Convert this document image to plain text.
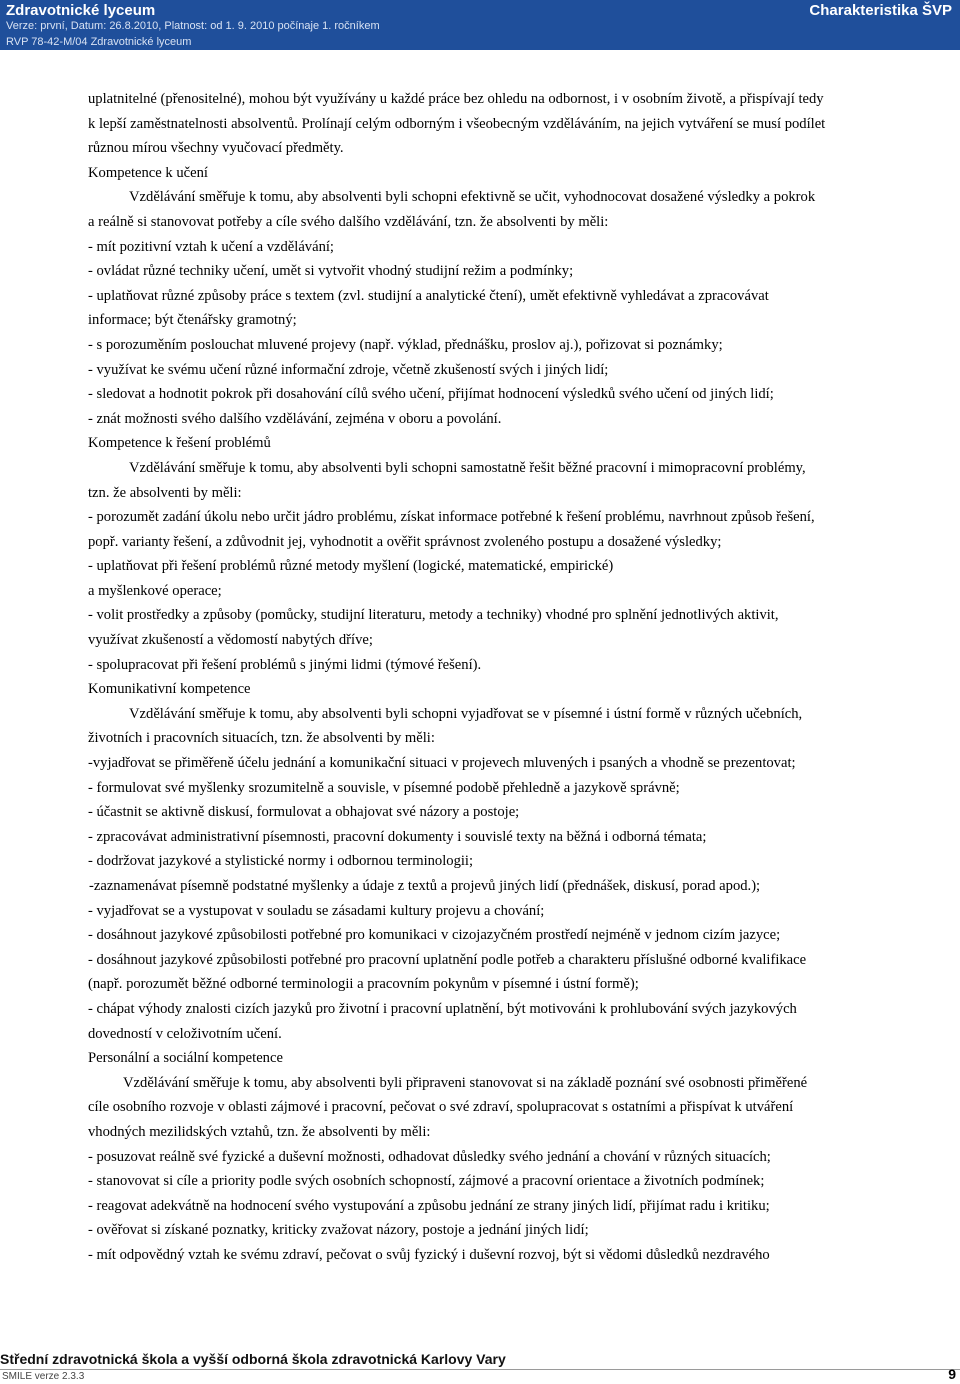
Zdravotnické lyceum
Verze: první, Datum: 26.8.2010, Platnost: od 1. 9. 2010 počínaje 1. ročníkem
RVP 78-42-M/04 Zdravotnické lyceum
Charakteristika ŠVP
uplatnitelné (přenositelné), mohou být využívány u každé práce bez ohledu na odbornost, i v osobním životě, a přispívají tedy
k lepší zaměstnatelnosti absolventů. Prolínají celým odborným i všeobecným vzděláváním, na jejich vytváření se musí podílet
různou mírou všechny vyučovací předměty.
Kompetence k učení
Vzdělávání směřuje k tomu, aby absolventi byli schopni efektivně se učit, vyhodnocovat dosažené výsledky a pokrok
a reálně si stanovovat potřeby a cíle svého dalšího vzdělávání, tzn. že absolventi by měli:
- mít pozitivní vztah k učení a vzdělávání;
- ovládat různé techniky učení, umět si vytvořit vhodný studijní režim a podmínky;
- uplatňovat různé způsoby práce s textem (zvl. studijní a analytické čtení), umět efektivně vyhledávat a zpracovávat
informace; být čtenářsky gramotný;
- s porozuměním poslouchat mluvené projevy (např. výklad, přednášku, proslov aj.), pořizovat si poznámky;
- využívat ke svému učení různé informační zdroje, včetně zkušeností svých i jiných lidí;
- sledovat a hodnotit pokrok při dosahování cílů svého učení, přijímat hodnocení výsledků svého učení od jiných lidí;
- znát možnosti svého dalšího vzdělávání, zejména v oboru a povolání.
Kompetence k řešení problémů
Vzdělávání směřuje k tomu, aby absolventi byli schopni samostatně řešit běžné pracovní i mimopracovní problémy,
tzn. že absolventi by měli:
- porozumět zadání úkolu nebo určit jádro problému, získat informace potřebné k řešení problému, navrhnout způsob řešení,
popř. varianty řešení, a zdůvodnit jej, vyhodnotit a ověřit správnost zvoleného postupu a dosažené výsledky;
- uplatňovat při řešení problémů různé metody myšlení (logické, matematické, empirické)
a myšlenkové operace;
- volit prostředky a způsoby (pomůcky, studijní literaturu, metody a techniky) vhodné pro splnění jednotlivých aktivit,
využívat zkušeností a vědomostí nabytých dříve;
- spolupracovat při řešení problémů s jinými lidmi (týmové řešení).
Komunikativní kompetence
Vzdělávání směřuje k tomu, aby absolventi byli schopni vyjadřovat se v písemné i ústní formě v různých učebních,
životních i pracovních situacích, tzn. že absolventi by měli:
-vyjadřovat se přiměřeně účelu jednání a komunikační situaci v projevech mluvených i psaných a vhodně se prezentovat;
- formulovat své myšlenky srozumitelně a souvisle, v písemné podobě přehledně a jazykově správně;
- účastnit se aktivně diskusí, formulovat a obhajovat své názory a postoje;
- zpracovávat administrativní písemnosti, pracovní dokumenty i souvislé texty na běžná i odborná témata;
- dodržovat jazykové a stylistické normy i odbornou terminologii;
-zaznamenávat písemně podstatné myšlenky a údaje z textů a projevů jiných lidí (přednášek, diskusí, porad apod.);
- vyjadřovat se a vystupovat v souladu se zásadami kultury projevu a chování;
- dosáhnout jazykové způsobilosti potřebné pro komunikaci v cizojazyčném prostředí nejméně v jednom cizím jazyce;
- dosáhnout jazykové způsobilosti potřebné pro pracovní uplatnění podle potřeb a charakteru příslušné odborné kvalifikace
(např. porozumět běžné odborné terminologii a pracovním pokynům v písemné i ústní formě);
- chápat výhody znalosti cizích jazyků pro životní i pracovní uplatnění, být motivováni k prohlubování svých jazykových
dovedností v celoživotním učení.
Personální a sociální kompetence
Vzdělávání směřuje k tomu, aby absolventi byli připraveni stanovovat si na základě poznání své osobnosti přiměřené
cíle osobního rozvoje v oblasti zájmové i pracovní, pečovat o své zdraví, spolupracovat s ostatními a přispívat k utváření
vhodných mezilidských vztahů, tzn. že absolventi by měli:
- posuzovat reálně své fyzické a duševní možnosti, odhadovat důsledky svého jednání a chování v různých situacích;
- stanovovat si cíle a priority podle svých osobních schopností, zájmové a pracovní orientace a životních podmínek;
- reagovat adekvátně na hodnocení svého vystupování a způsobu jednání ze strany jiných lidí, přijímat radu i kritiku;
- ověřovat si získané poznatky, kriticky zvažovat názory, postoje a jednání jiných lidí;
- mít odpovědný vztah ke svému zdraví, pečovat o svůj fyzický i duševní rozvoj, být si vědomi důsledků nezdravého
Střední zdravotnická škola a vyšší odborná škola zdravotnická Karlovy Vary
SMILE verze 2.3.3	9
